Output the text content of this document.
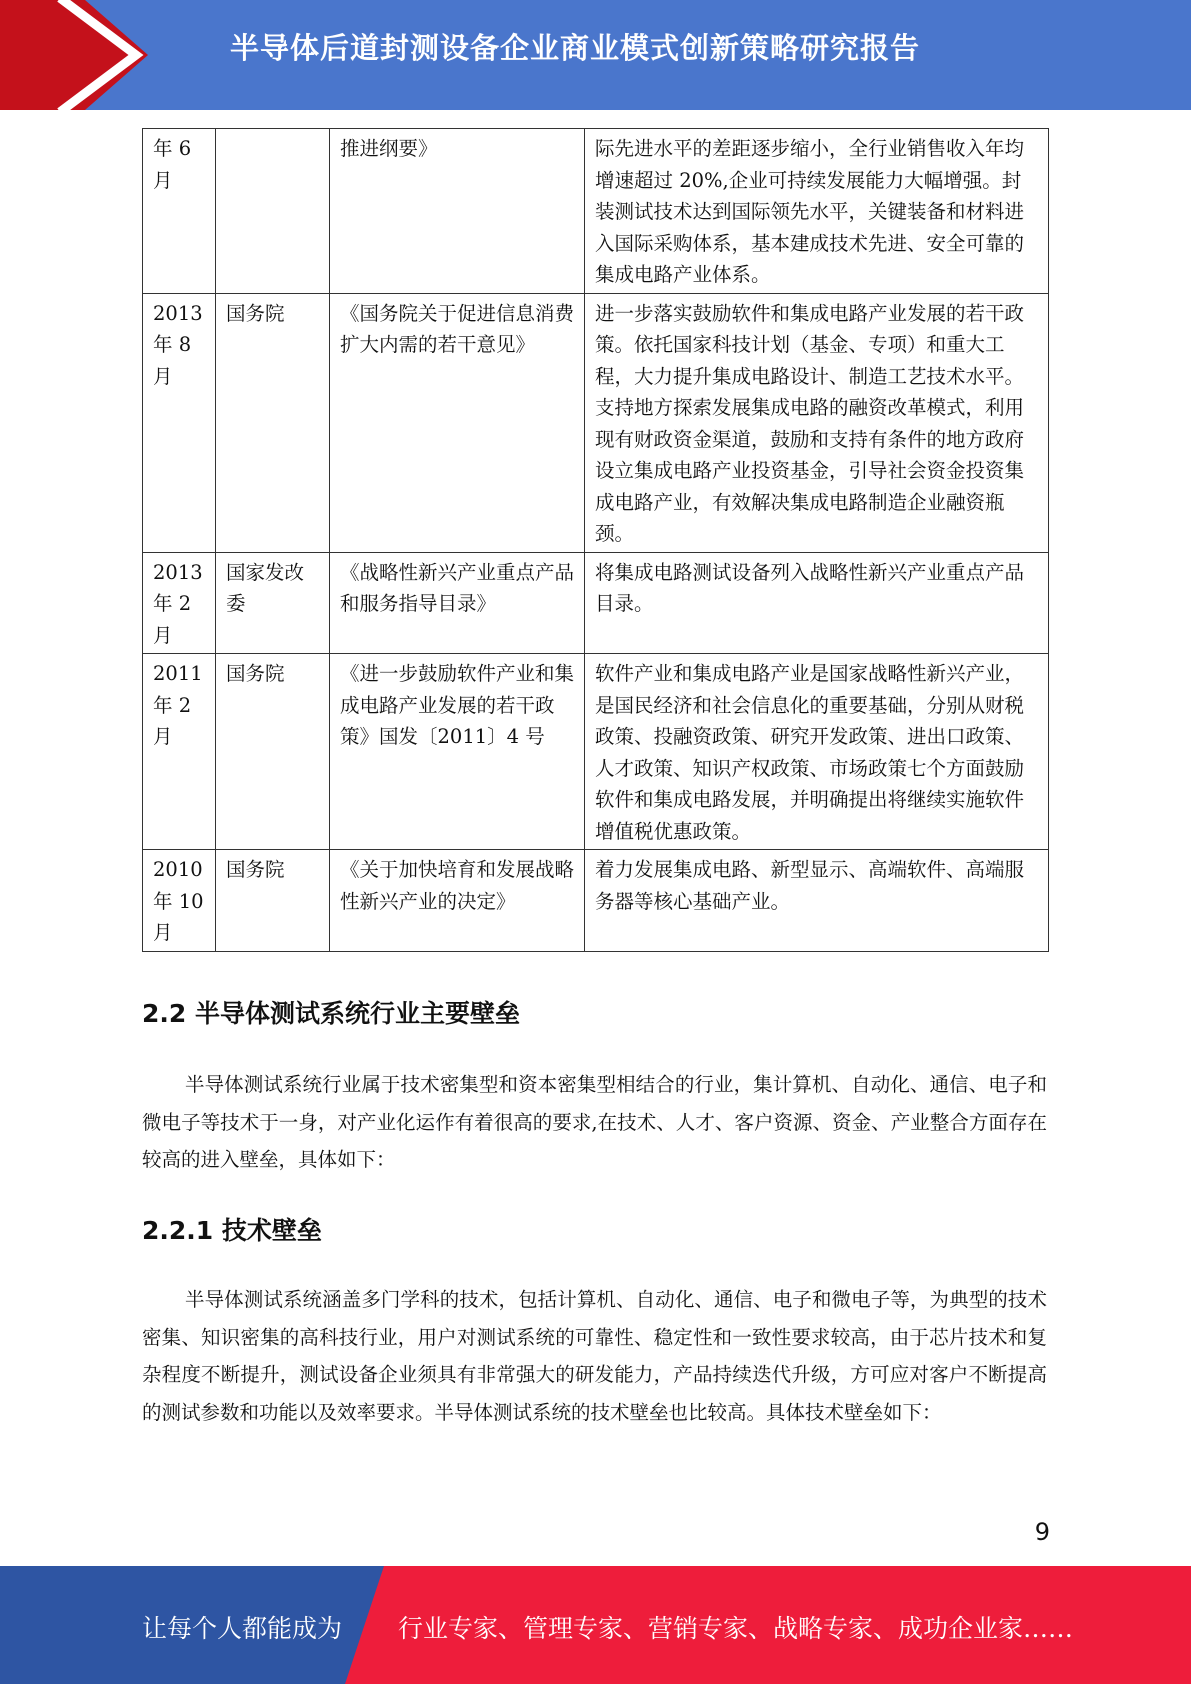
半导体后道封测设备企业商业模式创新策略研究报告
年 6
月		推进纲要》	际先进水平的差距逐步缩小，全行业销售收入年均增速超过 20%,企业可持续发展能力大幅增强。封装测试技术达到国际领先水平，关键装备和材料进入国际采购体系，基本建成技术先进、安全可靠的集成电路产业体系。
2013
年 8
月	国务院	《国务院关于促进信息消费扩大内需的若干意见》	进一步落实鼓励软件和集成电路产业发展的若干政策。依托国家科技计划（基金、专项）和重大工程，大力提升集成电路设计、制造工艺技术水平。支持地方探索发展集成电路的融资改革模式，利用现有财政资金渠道，鼓励和支持有条件的地方政府设立集成电路产业投资基金，引导社会资金投资集成电路产业，有效解决集成电路制造企业融资瓶颈。
2013
年 2
月	国家发改委	《战略性新兴产业重点产品和服务指导目录》	将集成电路测试设备列入战略性新兴产业重点产品目录。
2011
年 2
月	国务院	《进一步鼓励软件产业和集成电路产业发展的若干政策》国发〔2011〕4 号	软件产业和集成电路产业是国家战略性新兴产业，是国民经济和社会信息化的重要基础，分别从财税政策、投融资政策、研究开发政策、进出口政策、人才政策、知识产权政策、市场政策七个方面鼓励软件和集成电路发展，并明确提出将继续实施软件增值税优惠政策。
2010
年 10
月	国务院	《关于加快培育和发展战略性新兴产业的决定》	着力发展集成电路、新型显示、高端软件、高端服务器等核心基础产业。
2.2 半导体测试系统行业主要壁垒
半导体测试系统行业属于技术密集型和资本密集型相结合的行业，集计算机、自动化、通信、电子和微电子等技术于一身，对产业化运作有着很高的要求,在技术、人才、客户资源、资金、产业整合方面存在较高的进入壁垒，具体如下：
2.2.1 技术壁垒
半导体测试系统涵盖多门学科的技术，包括计算机、自动化、通信、电子和微电子等，为典型的技术密集、知识密集的高科技行业，用户对测试系统的可靠性、稳定性和一致性要求较高，由于芯片技术和复杂程度不断提升，测试设备企业须具有非常强大的研发能力，产品持续迭代升级，方可应对客户不断提高的测试参数和功能以及效率要求。半导体测试系统的技术壁垒也比较高。具体技术壁垒如下：
9
让每个人都能成为 行业专家、管理专家、营销专家、战略专家、成功企业家……
